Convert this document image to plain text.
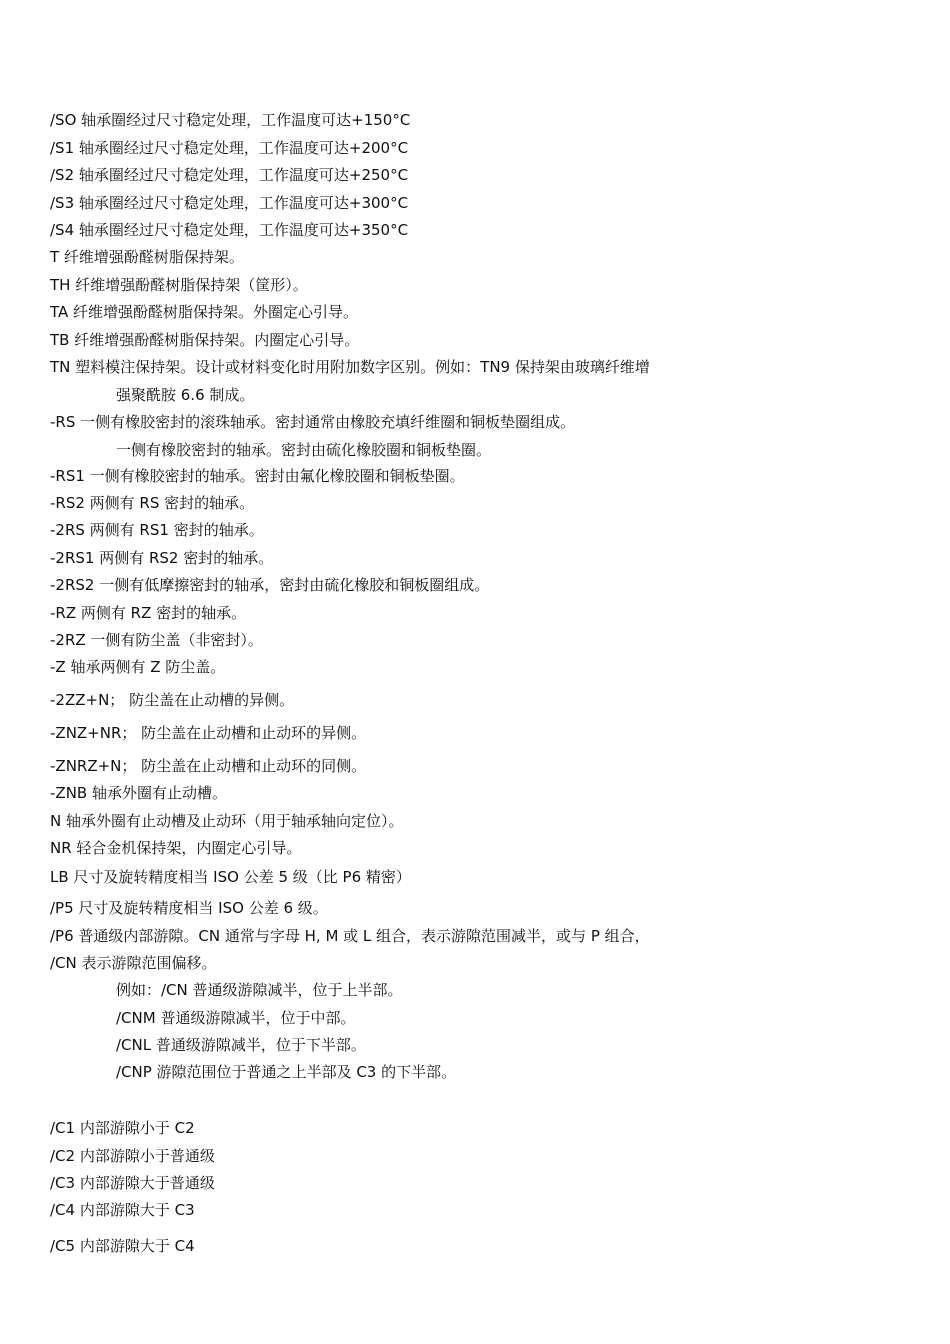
/SO 轴承圈经过尺寸稳定处理，工作温度可达+150°C
/S1 轴承圈经过尺寸稳定处理，工作温度可达+200°C
/S2 轴承圈经过尺寸稳定处理，工作温度可达+250°C
/S3 轴承圈经过尺寸稳定处理，工作温度可达+300°C
/S4 轴承圈经过尺寸稳定处理，工作温度可达+350°C
T 纤维增强酚醛树脂保持架。
TH 纤维增强酚醛树脂保持架（筐形）。
TA 纤维增强酚醛树脂保持架。外圈定心引导。
TB 纤维增强酚醛树脂保持架。内圈定心引导。
TN 塑料模注保持架。设计或材料变化时用附加数字区别。例如：TN9 保持架由玻璃纤维增
强聚酰胺 6.6 制成。
-RS 一侧有橡胶密封的滚珠轴承。密封通常由橡胶充填纤维圈和铜板垫圈组成。
一侧有橡胶密封的轴承。密封由硫化橡胶圈和铜板垫圈。
-RS1 一侧有橡胶密封的轴承。密封由氟化橡胶圈和铜板垫圈。
-RS2 两侧有 RS 密封的轴承。
-2RS 两侧有 RS1 密封的轴承。
-2RS1 两侧有 RS2 密封的轴承。
-2RS2 一侧有低摩擦密封的轴承，密封由硫化橡胶和铜板圈组成。
-RZ 两侧有 RZ 密封的轴承。
-2RZ 一侧有防尘盖（非密封）。
-Z 轴承两侧有 Z 防尘盖。
-2ZZ+N； 防尘盖在止动槽的异侧。
-ZNZ+NR； 防尘盖在止动槽和止动环的异侧。
-ZNRZ+N； 防尘盖在止动槽和止动环的同侧。
-ZNB 轴承外圈有止动槽。
N 轴承外圈有止动槽及止动环（用于轴承轴向定位）。
NR 轻合金机保持架，内圈定心引导。
LB 尺寸及旋转精度相当 ISO 公差 5 级（比 P6 精密）
/P5 尺寸及旋转精度相当 ISO 公差 6 级。
/P6 普通级内部游隙。CN 通常与字母 H, M 或 L 组合，表示游隙范围减半，或与 P 组合，
/CN 表示游隙范围偏移。
例如：/CN 普通级游隙减半，位于上半部。
/CNM 普通级游隙减半，位于中部。
/CNL 普通级游隙减半，位于下半部。
/CNP 游隙范围位于普通之上半部及 C3 的下半部。
/C1 内部游隙小于 C2
/C2 内部游隙小于普通级
/C3 内部游隙大于普通级
/C4 内部游隙大于 C3
/C5 内部游隙大于 C4
